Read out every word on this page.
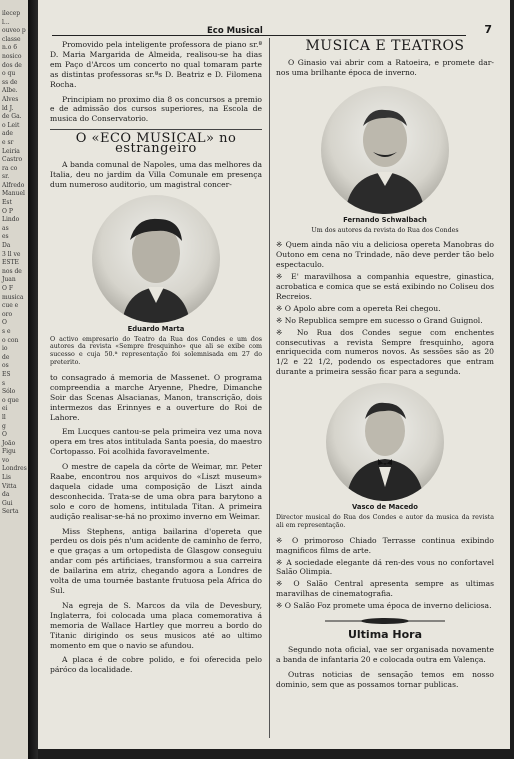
ilecep
l...
ouveo p
classe
n.o 6
nosico
dos de
o qu
ss de
Albe.
Alves
ld J.
de Ga.
o Leit
ade
e sr
Leiria
Castro
ra co
sr.
Alfredo
Manuel
Est
O P
Lindo
as
es
Da
3 ll ve
ESTE
nos de
Juan
O F
musica
cue e
oro
O
s e
o con
io
de
os
ES
s
Sólo
o que
ei
ll
g
O
João
Figu
vo
Londres
Lis
Vitta
da
Gui
Serta
Eco Musical	7

Promovido pela inteligente professora de piano sr.ª D. Maria Margarida de Almeida, realisou-se ha dias em Paço d'Arcos um concerto no qual tomaram parte as distintas professoras sr.ªs D. Beatriz e D. Filomena Rocha.

Principiam no proximo dia 8 os concursos a premio e de admissão dos cursos superiores, na Escola de musica do Conservatorio.

O «ECO MUSICAL» no estrangeiro

A banda comunal de Napoles, uma das melhores da Italia, deu no jardim da Villa Comunale em presença dum numeroso auditorio, um magistral concer-

Eduardo Marta
O activo empresario do Teatro da Rua dos Condes e um dos autores da revista «Sempre fresquinho» que ali se exibe com sucesso e cuja 50.ª representação foi solemnisada em 27 do preterito.

to consagrado á memoria de Massenet. O programa compreendia a marche Aryenne, Phedre, Dimanche Soir das Scenas Alsacianas, Manon, transcrição, dois intermezos das Erinnyes e a ouverture do Roi de Lahore.

Em Lucques cantou-se pela primeira vez uma nova opera em tres atos intitulada Santa poesia, do maestro Cortopasso. Foi acolhida favoravelmente.

O mestre de capela da côrte de Weimar, mr. Peter Raabe, encontrou nos arquivos do «Liszt museum» daquela cidade uma composição de Liszt ainda desconhecida. Trata-se de uma obra para barytono a solo e coro de homens, intitulada Titan. A primeira audição realisar-se-há no proximo inverno em Weimar.

Miss Stephens, antiga bailarina d'opereta que perdeu os dois pés n'um acidente de caminho de ferro, e que graças a um ortopedista de Glasgow conseguiu andar com pés artificiaes, transformou a sua carreira de bailarina em atriz, chegando agora a Londres de volta de uma tournée bastante frutuosa pela Africa do Sul.

Na egreja de S. Marcos da vila de Devesbury, Inglaterra, foi colocada uma placa comemorativa á memoria de Wallace Hartley que morreu a bordo do Titanic dirigindo os seus musicos até ao ultimo momento em que o navio se afundou.

A placa é de cobre polido, e foi oferecida pelo páróco da localidade.

MUSICA E TEATROS

O Ginasio vai abrir com a Ratoeira, e promete dar-nos uma brilhante época de inverno.

Fernando Schwalbach
Um dos autores da revista do Rua dos Condes

※ Quem ainda não viu a deliciosa opereta Manobras do Outono em cena no Trindade, não deve perder tão belo espectaculo.

※ E' maravilhosa a companhia equestre, ginastica, acrobatica e comica que se está exibindo no Coliseu dos Recreios.

※ O Apolo abre com a opereta Rei chegou.

※ No Republica sempre em sucesso o Grand Guignol.

※ No Rua dos Condes segue com enchentes consecutivas a revista Sempre fresquinho, agora enriquecida com numeros novos. As sessões são as 20 1/2 e 22 1/2, podendo os espectadores que entram durante a primeira sessão ficar para a segunda.

Vasco de Macedo
Director musical do Rua dos Condes e autor da musica da revista ali em representação.

※ O primoroso Chiado Terrasse continua exibindo magnificos films de arte.

※ A sociedade elegante dá ren-des vous no confortavel Salão Olimpia.

※ O Salão Central apresenta sempre as ultimas maravilhas de cinematografia.

※ O Salão Foz promete uma época de inverno deliciosa.

Ultima Hora

Segundo nota oficial, vae ser organisada novamente a banda de infantaria 20 e colocada outra em Valença.

Outras noticias de sensação temos em nosso dominio, sem que as possamos tornar publicas.
